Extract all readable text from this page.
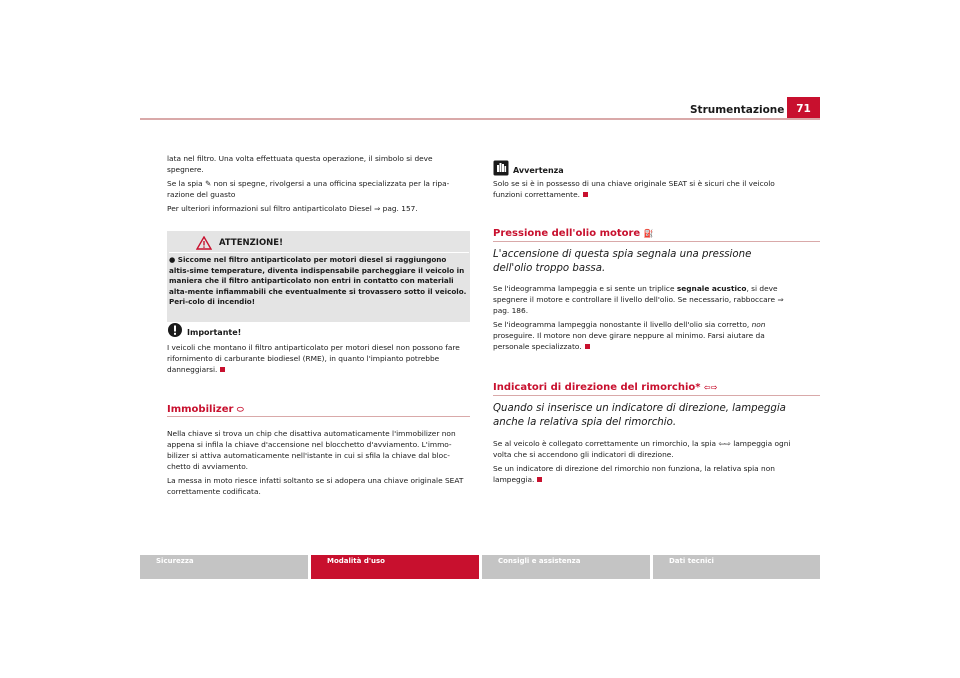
Strumentazione	71

lata nel filtro. Una volta effettuata questa operazione, il simbolo si deve spegnere.

Se la spia ✎ non si spegne, rivolgersi a una officina specializzata per la ripa-razione del guasto

Per ulteriori informazioni sul filtro antiparticolato Diesel ⇒ pag. 157.

ATTENZIONE!
● Siccome nel filtro antiparticolato per motori diesel si raggiungono altis-sime temperature, diventa indispensabile parcheggiare il veicolo in maniera che il filtro antiparticolato non entri in contatto con materiali alta-mente infiammabili che eventualmente si trovassero sotto il veicolo. Peri-colo di incendio!
Importante!
I veicoli che montano il filtro antiparticolato per motori diesel non possono fare rifornimento di carburante biodiesel (RME), in quanto l'impianto potrebbe danneggiarsi.
Immobilizer ⬭

Nella chiave si trova un chip che disattiva automaticamente l'immobilizer non appena si infila la chiave d'accensione nel blocchetto d'avviamento. L'immo-bilizer si attiva automaticamente nell'istante in cui si sfila la chiave dal bloc-chetto di avviamento.

La messa in moto riesce infatti soltanto se si adopera una chiave originale SEAT correttamente codificata.

Avvertenza
Solo se si è in possesso di una chiave originale SEAT si è sicuri che il veicolo funzioni correttamente.
Pressione dell'olio motore ⛽
L'accensione di questa spia segnala una pressione dell'olio troppo bassa.

Se l'ideogramma lampeggia e si sente un triplice segnale acustico, si deve spegnere il motore e controllare il livello dell'olio. Se necessario, rabboccare ⇒ pag. 186.

Se l'ideogramma lampeggia nonostante il livello dell'olio sia corretto, non proseguire. Il motore non deve girare neppure al minimo. Farsi aiutare da personale specializzato.

Indicatori di direzione del rimorchio* ⇦⇨
Quando si inserisce un indicatore di direzione, lampeggia anche la relativa spia del rimorchio.

Se al veicolo è collegato correttamente un rimorchio, la spia ⇦⇨ lampeggia ogni volta che si accendono gli indicatori di direzione.

Se un indicatore di direzione del rimorchio non funziona, la relativa spia non lampeggia.

Sicurezza	Modalità d'uso	Consigli e assistenza	Dati tecnici
